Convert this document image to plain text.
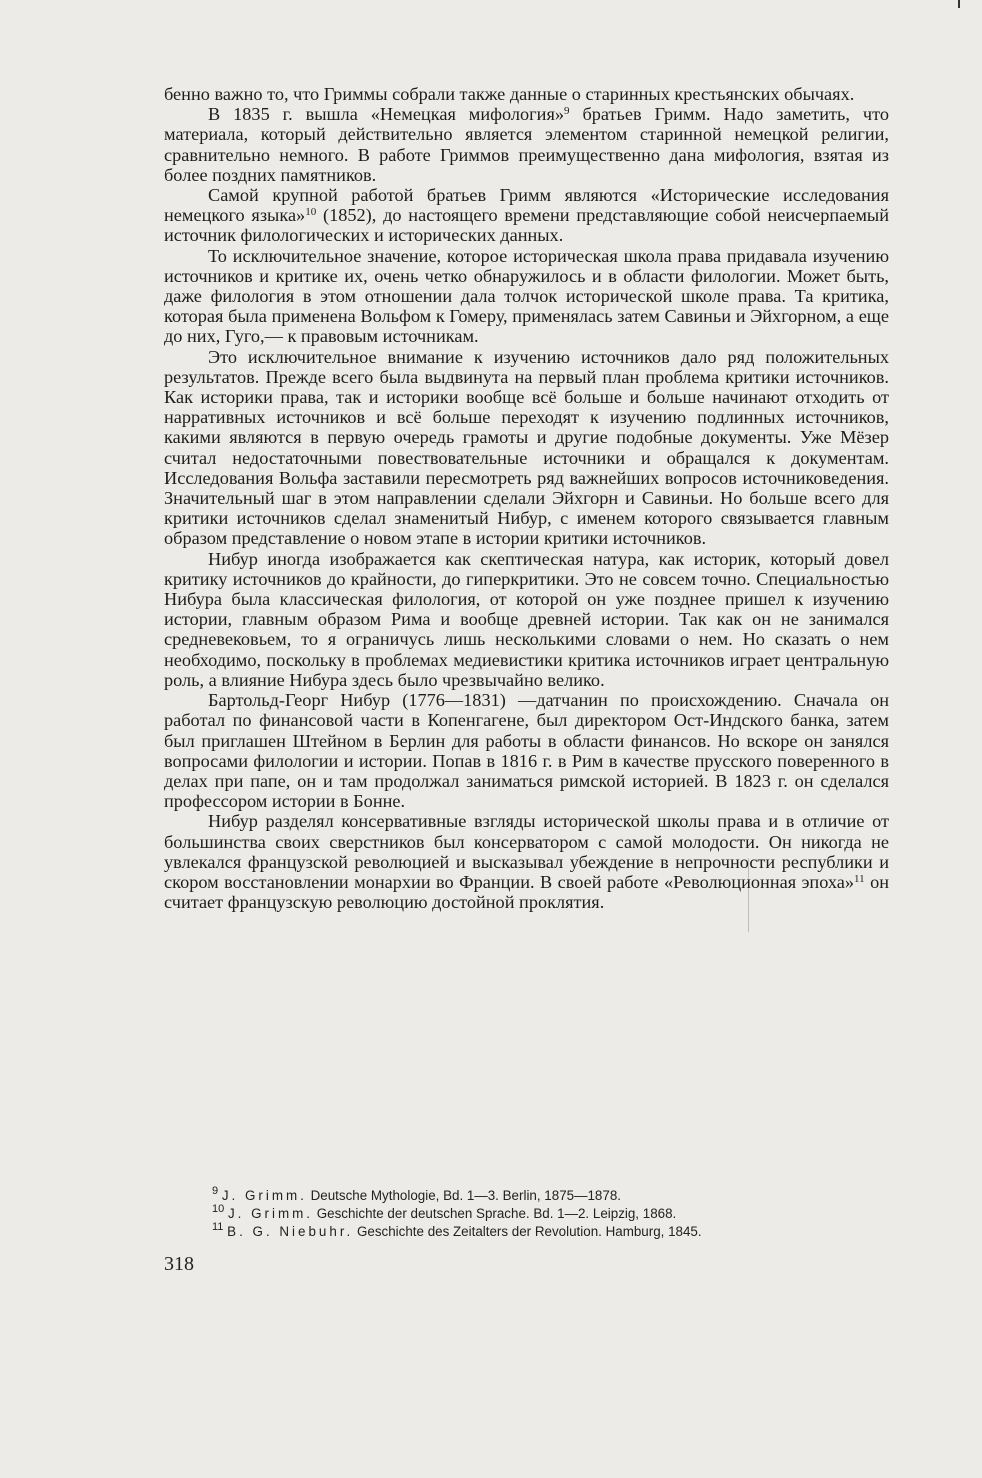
бенно важно то, что Гриммы собрали также данные о старинных крестьянских обычаях.

В 1835 г. вышла «Немецкая мифология»$^9$ братьев Гримм. Надо заметить, что материала, который действительно является элементом старинной немецкой религии, сравнительно немного. В работе Гриммов преимущественно дана мифология, взятая из более поздних памятников.

Самой крупной работой братьев Гримм являются «Исторические исследования немецкого языка»$^{10}$ (1852), до настоящего времени представляющие собой неисчерпаемый источник филологических и исторических данных.

То исключительное значение, которое историческая школа права придавала изучению источников и критике их, очень четко обнаружилось и в области филологии. Может быть, даже филология в этом отношении дала толчок исторической школе права. Та критика, которая была применена Вольфом к Гомеру, применялась затем Савиньи и Эйхгорном, а еще до них, Гуго,— к правовым источникам.

Это исключительное внимание к изучению источников дало ряд положительных результатов. Прежде всего была выдвинута на первый план проблема критики источников. Как историки права, так и историки вообще всё больше и больше начинают отходить от нарративных источников и всё больше переходят к изучению подлинных источников, какими являются в первую очередь грамоты и другие подобные документы. Уже Мёзер считал недостаточными повествовательные источники и обращался к документам. Исследования Вольфа заставили пересмотреть ряд важнейших вопросов источниковедения. Значительный шаг в этом направлении сделали Эйхгорн и Савиньи. Но больше всего для критики источников сделал знаменитый Нибур, с именем которого связывается главным образом представление о новом этапе в истории критики источников.

Нибур иногда изображается как скептическая натура, как историк, который довел критику источников до крайности, до гиперкритики. Это не совсем точно. Специальностью Нибура была классическая филология, от которой он уже позднее пришел к изучению истории, главным образом Рима и вообще древней истории. Так как он не занимался средневековьем, то я ограничусь лишь несколькими словами о нем. Но сказать о нем необходимо, поскольку в проблемах медиевистики критика источников играет центральную роль, а влияние Нибура здесь было чрезвычайно велико.

Бартольд-Георг Нибур (1776—1831) —датчанин по происхождению. Сначала он работал по финансовой части в Копенгагене, был директором Ост-Индского банка, затем был приглашен Штейном в Берлин для работы в области финансов. Но вскоре он занялся вопросами филологии и истории. Попав в 1816 г. в Рим в качестве прусского поверенного в делах при папе, он и там продолжал заниматься римской историей. В 1823 г. он сделался профессором истории в Бонне.

Нибур разделял консервативные взгляды исторической школы права и в отличие от большинства своих сверстников был консерватором с самой молодости. Он никогда не увлекался французской революцией и высказывал убеждение в непрочности республики и скором восстановлении монархии во Франции. В своей работе «Революционная эпоха»$^{11}$ он считает французскую революцию достойной проклятия.

$^9$ J. Grimm. Deutsche Mythologie, Bd. 1—3. Berlin, 1875—1878.
$^{10}$ J. Grimm. Geschichte der deutschen Sprache. Bd. 1—2. Leipzig, 1868.
$^{11}$ B. G. Niebuhr. Geschichte des Zeitalters der Revolution. Hamburg, 1845.
318
